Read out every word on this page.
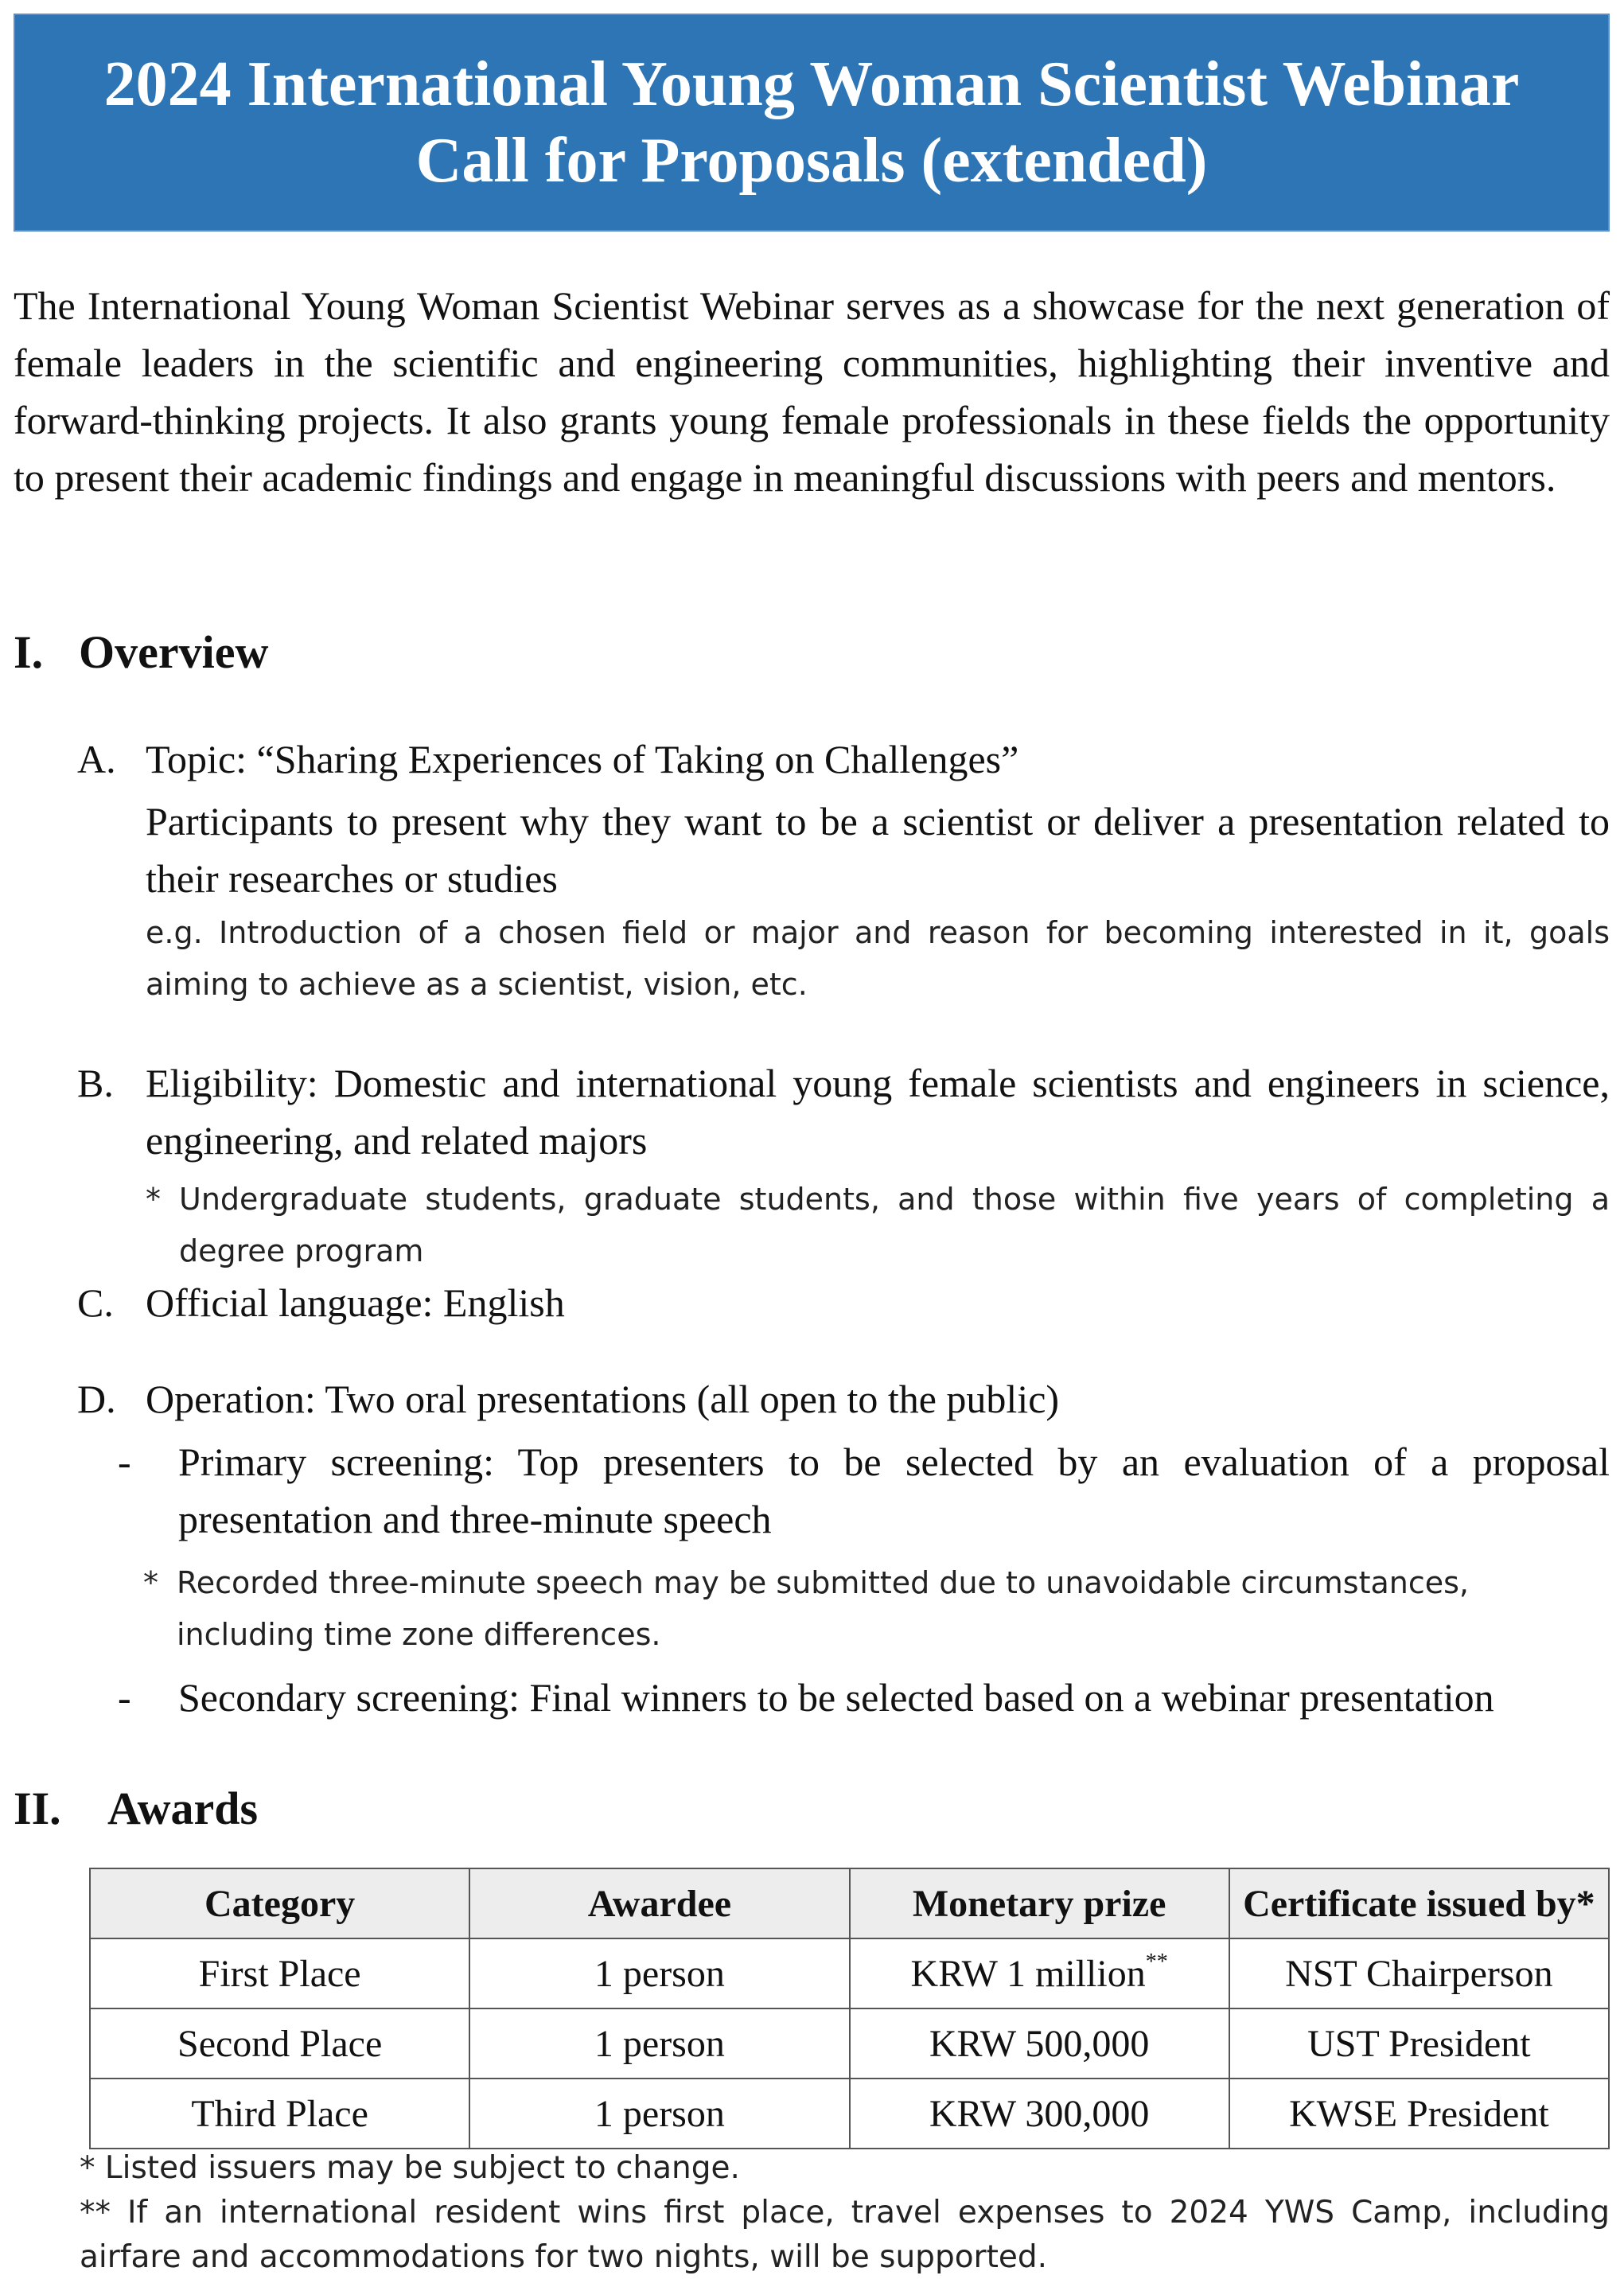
2024 International Young Woman Scientist Webinar
Call for Proposals (extended)

The International Young Woman Scientist Webinar serves as a showcase for the next generation of female leaders in the scientific and engineering communities, highlighting their inventive and forward-thinking projects. It also grants young female professionals in these fields the opportunity to present their academic findings and engage in meaningful discussions with peers and mentors.

I. Overview
A. Topic: “Sharing Experiences of Taking on Challenges”

Participants to present why they want to be a scientist or deliver a presentation related to their researches or studies

e.g. Introduction of a chosen field or major and reason for becoming interested in it, goals aiming to achieve as a scientist, vision, etc.

B. Eligibility: Domestic and international young female scientists and engineers in science, engineering, and related majors

* Undergraduate students, graduate students, and those within five years of completing a degree program

C. Official language: English

D. Operation: Two oral presentations (all open to the public)

- Primary screening: Top presenters to be selected by an evaluation of a proposal presentation and three-minute speech

* Recorded three-minute speech may be submitted due to unavoidable circumstances, including time zone differences.

- Secondary screening: Final winners to be selected based on a webinar presentation

II. Awards
Category	Awardee	Monetary prize	Certificate issued by*
First Place	1 person	KRW 1 million**	NST Chairperson
Second Place	1 person	KRW 500,000	UST President
Third Place	1 person	KRW 300,000	KWSE President

* Listed issuers may be subject to change.

** If an international resident wins first place, travel expenses to 2024 YWS Camp, including airfare and accommodations for two nights, will be supported.
